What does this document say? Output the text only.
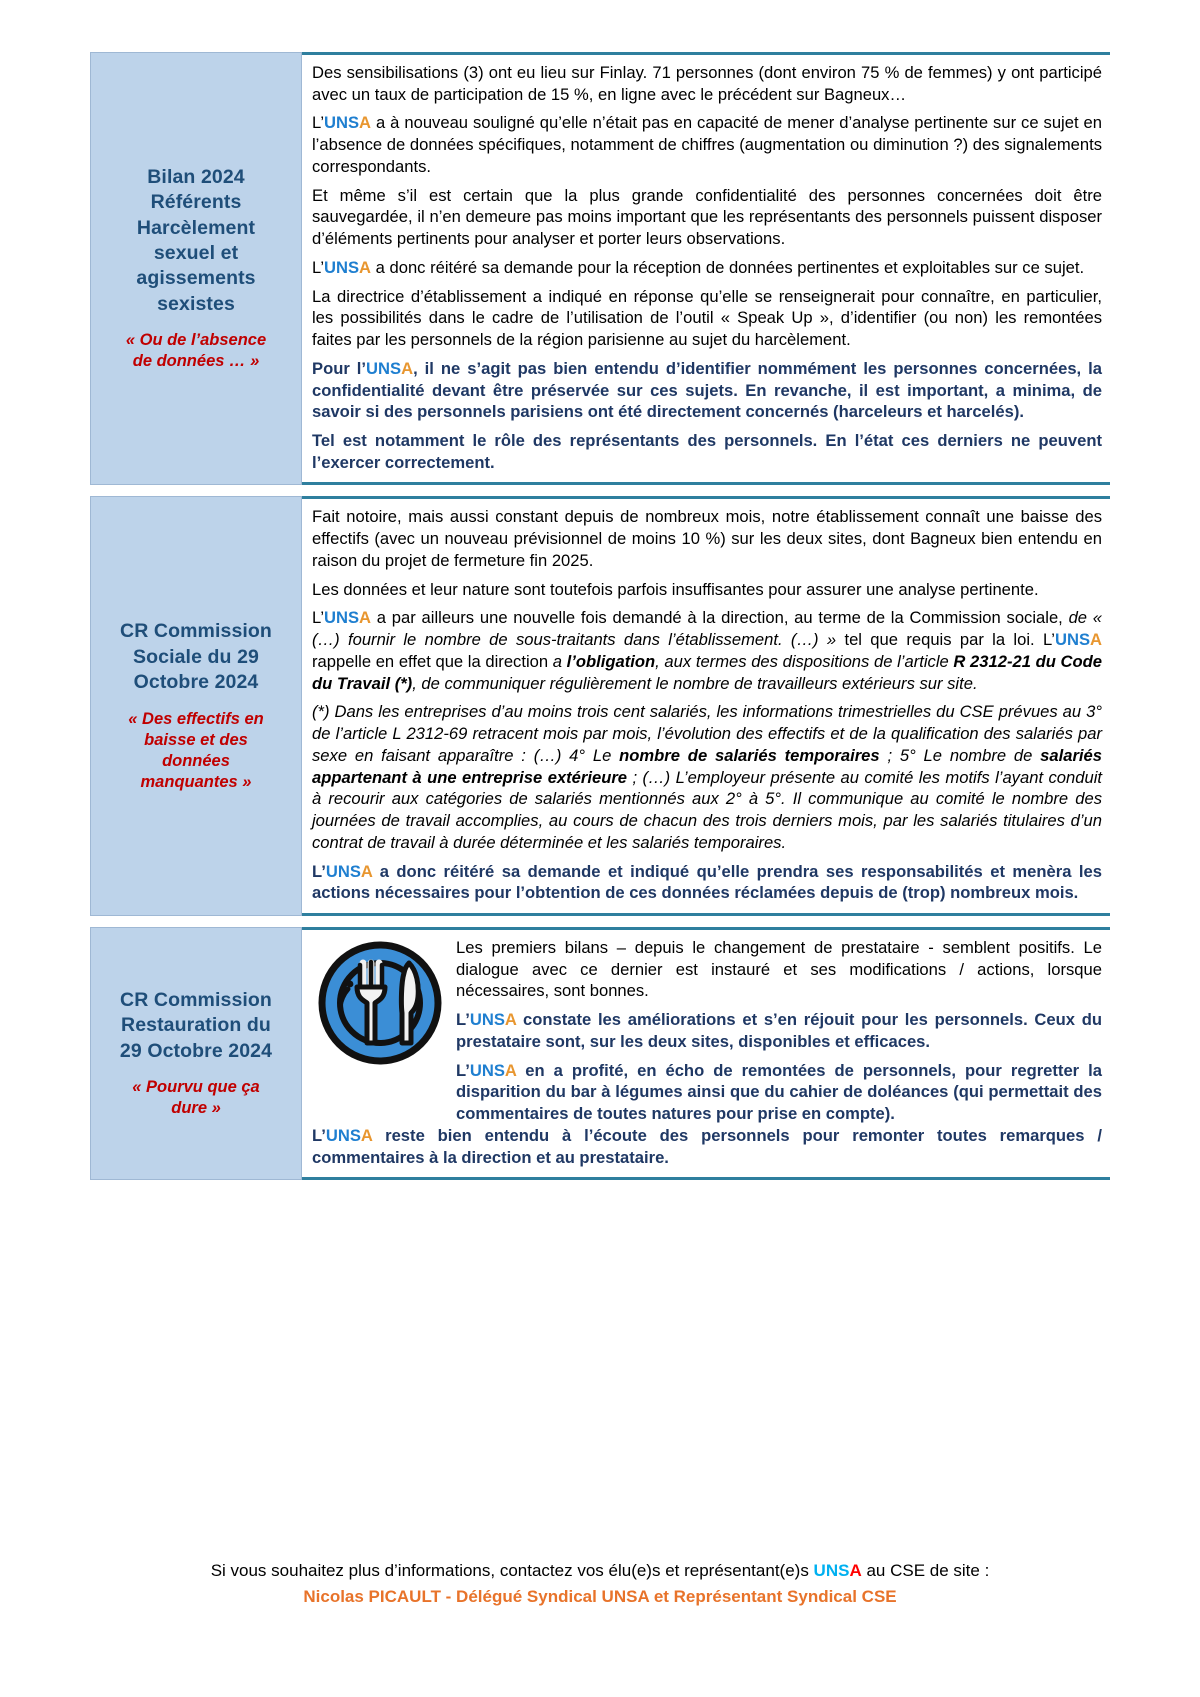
Bilan 2024
Référents
Harcèlement
sexuel et
agissements
sexistes
« Ou de l’absence
de données … »

Des sensibilisations (3) ont eu lieu sur Finlay. 71 personnes (dont environ 75 % de femmes) y ont participé avec un taux de participation de 15 %, en ligne avec le précédent sur Bagneux…

L’UNSA a à nouveau souligné qu’elle n’était pas en capacité de mener d’analyse pertinente sur ce sujet en l’absence de données spécifiques, notamment de chiffres (augmentation ou diminution ?) des signalements correspondants.

Et même s’il est certain que la plus grande confidentialité des personnes concernées doit être sauvegardée, il n’en demeure pas moins important que les représentants des personnels puissent disposer d’éléments pertinents pour analyser et porter leurs observations.

L’UNSA a donc réitéré sa demande pour la réception de données pertinentes et exploitables sur ce sujet.

La directrice d’établissement a indiqué en réponse qu’elle se renseignerait pour connaître, en particulier, les possibilités dans le cadre de l’utilisation de l’outil « Speak Up », d’identifier (ou non) les remontées faites par les personnels de la région parisienne au sujet du harcèlement.

Pour l’UNSA, il ne s’agit pas bien entendu d’identifier nommément les personnes concernées, la confidentialité devant être préservée sur ces sujets. En revanche, il est important, a minima, de savoir si des personnels parisiens ont été directement concernés (harceleurs et harcelés).

Tel est notamment le rôle des représentants des personnels. En l’état ces derniers ne peuvent l’exercer correctement.

CR Commission
Sociale du 29
Octobre 2024
« Des effectifs en
baisse et des
données
manquantes »

Fait notoire, mais aussi constant depuis de nombreux mois, notre établissement connaît une baisse des effectifs (avec un nouveau prévisionnel de moins 10 %) sur les deux sites, dont Bagneux bien entendu en raison du projet de fermeture fin 2025.

Les données et leur nature sont toutefois parfois insuffisantes pour assurer une analyse pertinente.

L’UNSA a par ailleurs une nouvelle fois demandé à la direction, au terme de la Commission sociale, de « (…) fournir le nombre de sous-traitants dans l’établissement. (…) » tel que requis par la loi. L’UNSA rappelle en effet que la direction a l’obligation, aux termes des dispositions de l’article R 2312-21 du Code du Travail (*), de communiquer régulièrement le nombre de travailleurs extérieurs sur site.

(*) Dans les entreprises d’au moins trois cent salariés, les informations trimestrielles du CSE prévues au 3° de l’article L 2312-69 retracent mois par mois, l’évolution des effectifs et de la qualification des salariés par sexe en faisant apparaître : (…) 4° Le nombre de salariés temporaires ; 5° Le nombre de salariés appartenant à une entreprise extérieure ; (…) L’employeur présente au comité les motifs l’ayant conduit à recourir aux catégories de salariés mentionnés aux 2° à 5°. Il communique au comité le nombre des journées de travail accomplies, au cours de chacun des trois derniers mois, par les salariés titulaires d’un contrat de travail à durée déterminée et les salariés temporaires.

L’UNSA a donc réitéré sa demande et indiqué qu’elle prendra ses responsabilités et menèra les actions nécessaires pour l’obtention de ces données réclamées depuis de (trop) nombreux mois.

CR Commission
Restauration du
29 Octobre 2024
« Pourvu que ça
dure »

Les premiers bilans – depuis le changement de prestataire - semblent positifs. Le dialogue avec ce dernier est instauré et ses modifications / actions, lorsque nécessaires, sont bonnes.

L’UNSA constate les améliorations et s’en réjouit pour les personnels. Ceux du prestataire sont, sur les deux sites, disponibles et efficaces.

L’UNSA en a profité, en écho de remontées de personnels, pour regretter la disparition du bar à légumes ainsi que du cahier de doléances (qui permettait des commentaires de toutes natures pour prise en compte).

L’UNSA reste bien entendu à l’écoute des personnels pour remonter toutes remarques / commentaires à la direction et au prestataire.

Si vous souhaitez plus d’informations, contactez vos élu(e)s et représentant(e)s UNSA au CSE de site :
Nicolas PICAULT - Délégué Syndical UNSA et Représentant Syndical CSE
